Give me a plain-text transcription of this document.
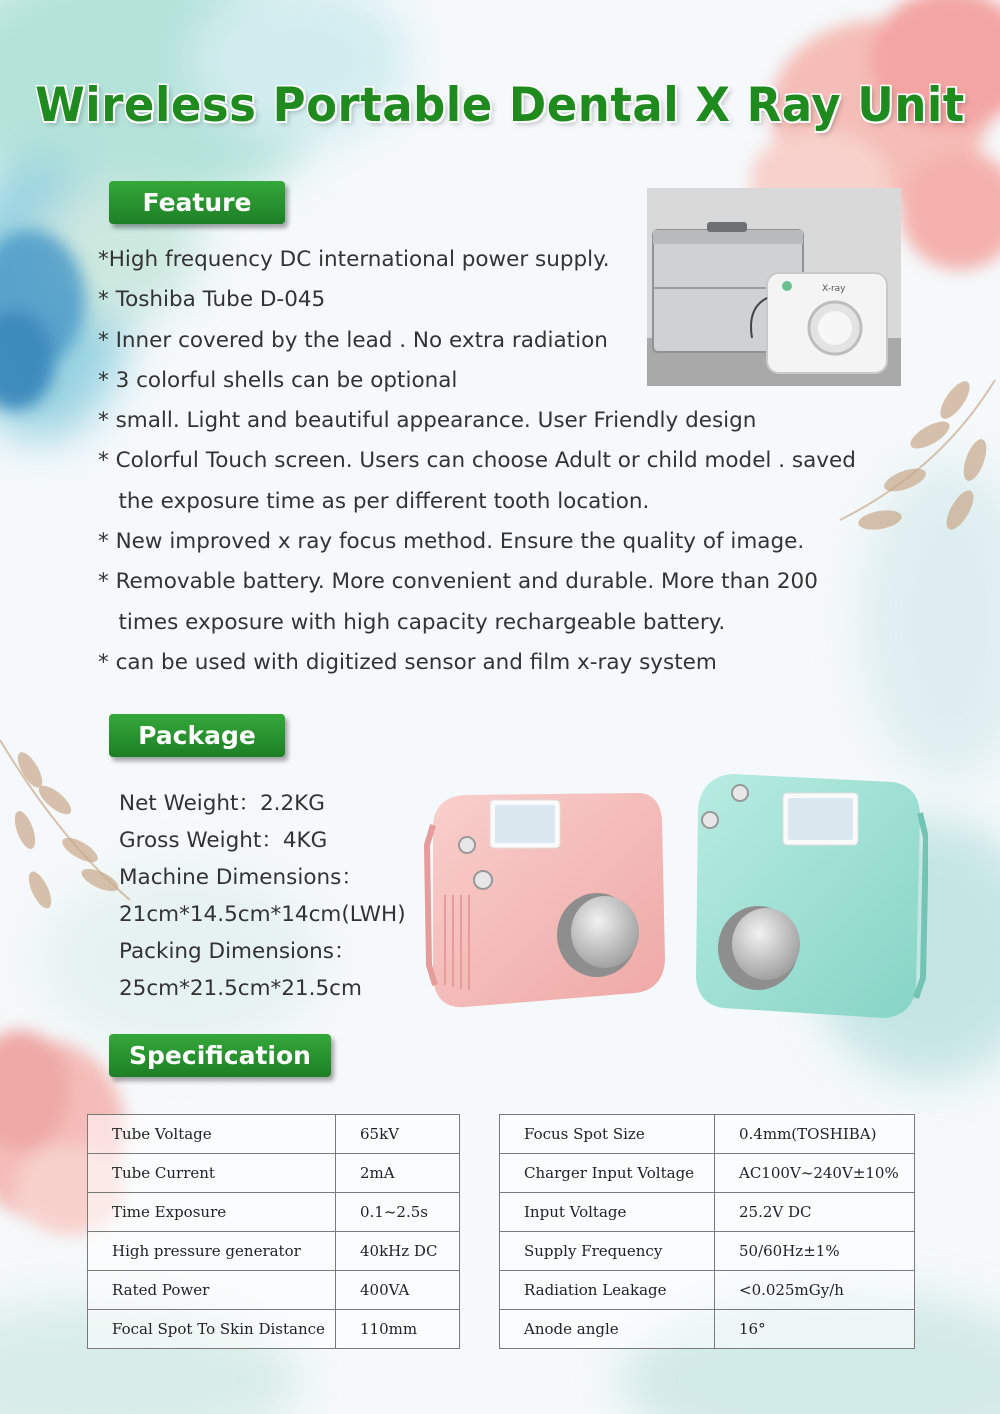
Wireless Portable Dental X Ray Unit
Feature
*High frequency DC international power supply.
* Toshiba Tube D-045
* Inner covered by the lead . No extra radiation
* 3 colorful shells can be optional
* small. Light and beautiful appearance. User Friendly design
* Colorful Touch screen. Users can choose Adult or child model . saved
the exposure time as per different tooth location.
* New improved x ray focus method. Ensure the quality of image.
* Removable battery. More convenient and durable. More than 200
times exposure with high capacity rechargeable battery.
* can be used with digitized sensor and film x-ray system
X-ray
Package
Net Weight：2.2KG
Gross Weight：4KG
Machine Dimensions：
21cm*14.5cm*14cm(LWH)
Packing Dimensions：
25cm*21.5cm*21.5cm
Specification
Tube Voltage	65kV
Tube Current	2mA
Time Exposure	0.1~2.5s
High pressure generator	40kHz DC
Rated Power	400VA
Focal Spot To Skin Distance	110mm
Focus Spot Size	0.4mm(TOSHIBA)
Charger Input Voltage	AC100V~240V±10%
Input Voltage	25.2V DC
Supply Frequency	50/60Hz±1%
Radiation Leakage	<0.025mGy/h
Anode angle	16°
